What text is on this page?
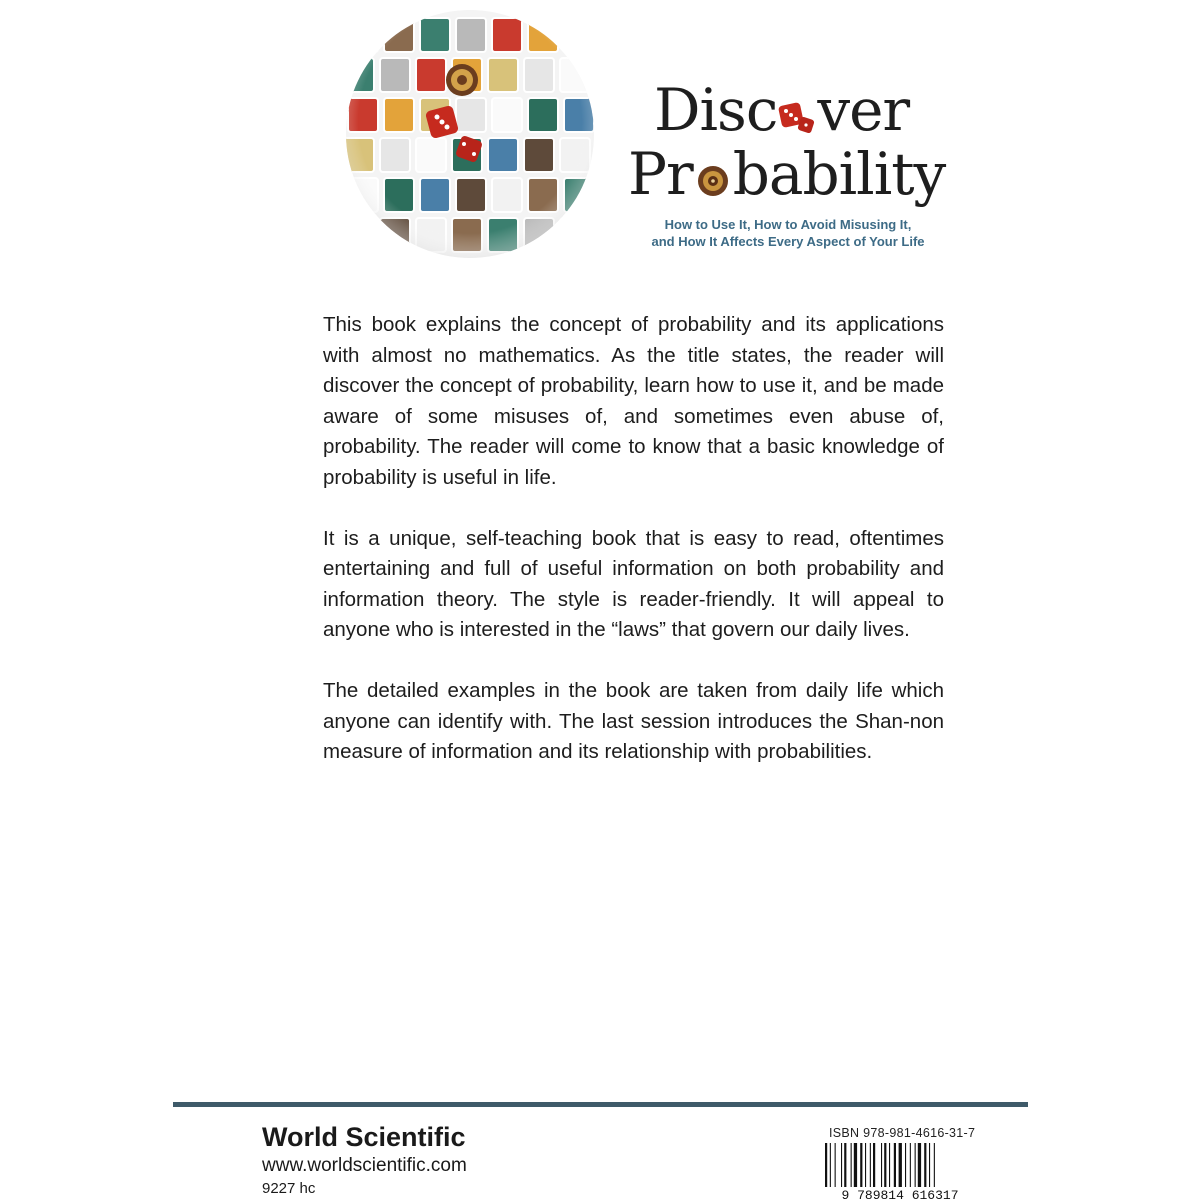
Disc ver
Pr bability
How to Use It, How to Avoid Misusing It,
and How It Affects Every Aspect of Your Life

This book explains the concept of probability and its applications with almost no mathematics. As the title states, the reader will discover the concept of probability, learn how to use it, and be made aware of some misuses of, and sometimes even abuse of, probability. The reader will come to know that a basic knowledge of probability is useful in life.

It is a unique, self-teaching book that is easy to read, oftentimes entertaining and full of useful information on both probability and information theory. The style is reader-friendly. It will appeal to anyone who is interested in the “laws” that govern our daily lives.

The detailed examples in the book are taken from daily life which anyone can identify with. The last session introduces the Shan-non measure of information and its relationship with probabilities.

World Scientific
www.worldscientific.com
9227 hc
ISBN 978-981-4616-31-7
9 789814 616317
